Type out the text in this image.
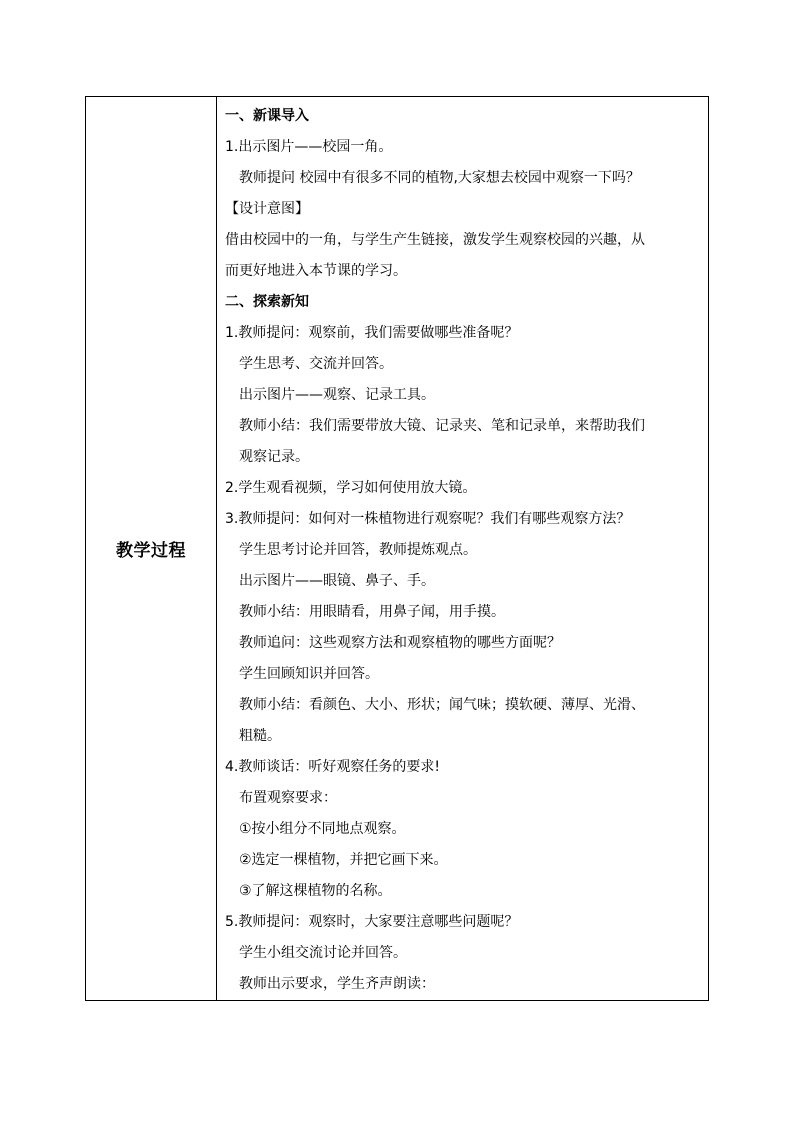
教学过程	
一、新课导入
1.出示图片——校园一角。
教师提问 校园中有很多不同的植物,大家想去校园中观察一下吗？
【设计意图】
借由校园中的一角，与学生产生链接，激发学生观察校园的兴趣，从
而更好地进入本节课的学习。
二、探索新知
1.教师提问：观察前，我们需要做哪些准备呢？
学生思考、交流并回答。
出示图片——观察、记录工具。
教师小结：我们需要带放大镜、记录夹、笔和记录单，来帮助我们
观察记录。
2.学生观看视频，学习如何使用放大镜。
3.教师提问：如何对一株植物进行观察呢？我们有哪些观察方法？
学生思考讨论并回答，教师提炼观点。
出示图片——眼镜、鼻子、手。
教师小结：用眼睛看，用鼻子闻，用手摸。
教师追问：这些观察方法和观察植物的哪些方面呢？
学生回顾知识并回答。
教师小结：看颜色、大小、形状；闻气味；摸软硬、薄厚、光滑、
粗糙。
4.教师谈话：听好观察任务的要求!
布置观察要求：
①按小组分不同地点观察。
②选定一棵植物，并把它画下来。
③了解这棵植物的名称。
5.教师提问：观察时，大家要注意哪些问题呢？
学生小组交流讨论并回答。
教师出示要求，学生齐声朗读：
